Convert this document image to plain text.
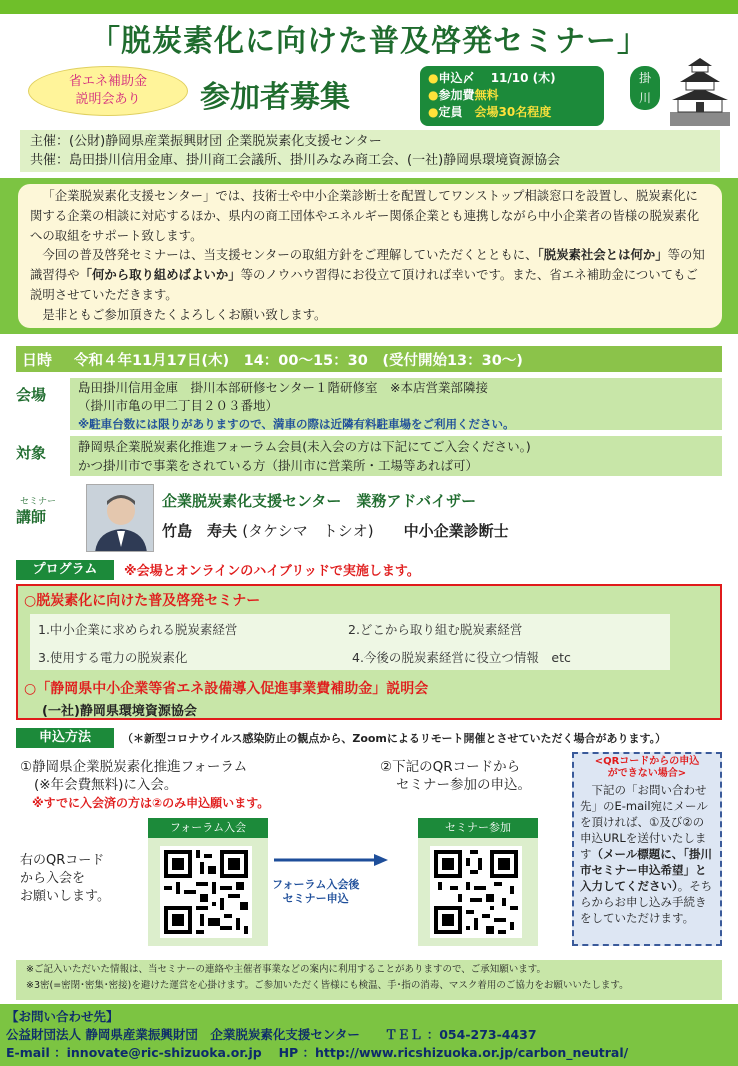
「脱炭素化に向けた普及啓発セミナー」
省エネ補助金
説明会あり	参加者募集
●申込〆　 11/10 (木)
●参加費無料
●定員　 会場30名程度
掛
川
主催：(公財)静岡県産業振興財団 企業脱炭素化支援センター
共催：島田掛川信用金庫、掛川商工会議所、掛川みなみ商工会、(一社)静岡県環境資源協会
「企業脱炭素化支援センター」では、技術士や中小企業診断士を配置してワンストップ相談窓口を設置し、脱炭素化に関する企業の相談に対応するほか、県内の商工団体やエネルギー関係企業とも連携しながら中小企業者の皆様の脱炭素化への取組をサポート致します。
今回の普及啓発セミナーは、当支援センターの取組方針をご理解していただくとともに、「脱炭素社会とは何か」等の知識習得や「何から取り組めばよいか」等のノウハウ習得にお役立て頂ければ幸いです。また、省エネ補助金についてもご説明させていただきます。
是非ともご参加頂きたくよろしくお願い致します。
日時 令和４年11月17日(木)　14：00〜15：30　(受付開始13：30〜)
会場	島田掛川信用金庫　掛川本部研修センター１階研修室　※本店営業部隣接
（掛川市亀の甲二丁目２０３番地）
※駐車台数には限りがありますので、満車の際は近隣有料駐車場をご利用ください。
対象	静岡県企業脱炭素化推進フォーラム会員(未入会の方は下記にてご入会ください。)
かつ掛川市で事業をされている方（掛川市に営業所・工場等あれば可）
セミナー
講師
企業脱炭素化支援センター　業務アドバイザー
竹島　寿夫 (タケシマ　トシオ)　　 中小企業診断士
プログラム	※会場とオンラインのハイブリッドで実施します。
○脱炭素化に向けた普及啓発セミナー
1.中小企業に求められる脱炭素経営	2.どこから取り組む脱炭素経営
3.使用する電力の脱炭素化	4.今後の脱炭素経営に役立つ情報　etc
○「静岡県中小企業等省エネ設備導入促進事業費補助金」説明会
(一社)静岡県環境資源協会
申込方法	（＊新型コロナウイルス感染防止の観点から、Zoomによるリモート開催とさせていただく場合があります。）
①静岡県企業脱炭素化推進フォーラム
(※年会費無料)に入会。
※すでに入会済の方は②のみ申込願います。
②下記のQRコードから
セミナー参加の申込。
フォーラム入会
右のQRコード
から入会を
お願いします。
フォーラム入会後
セミナー申込
セミナー参加
<QRコードからの申込
ができない場合>
下記の「お問い合わせ先」のE-mail宛にメールを頂ければ、①及び②の申込URLを送付いたします（メール標題に、「掛川市セミナー申込希望」と入力してください）。そちらからお申し込み手続きをしていただけます。
※ご記入いただいた情報は、当セミナーの連絡や主催者事業などの案内に利用することがありますので、ご承知願います。
※3密(=密閉･密集･密接)を避けた運営を心掛けます。ご参加いただく皆様にも検温、手･指の消毒、マスク着用のご協力をお願いいたします。
【お問い合わせ先】
公益財団法人 静岡県産業振興財団　企業脱炭素化支援センター　　 ＴＥＬ ：054-273-4437
E-mail ：innovate@ric-shizuoka.or.jp　 HP ：http://www.ricshizuoka.or.jp/carbon_neutral/
